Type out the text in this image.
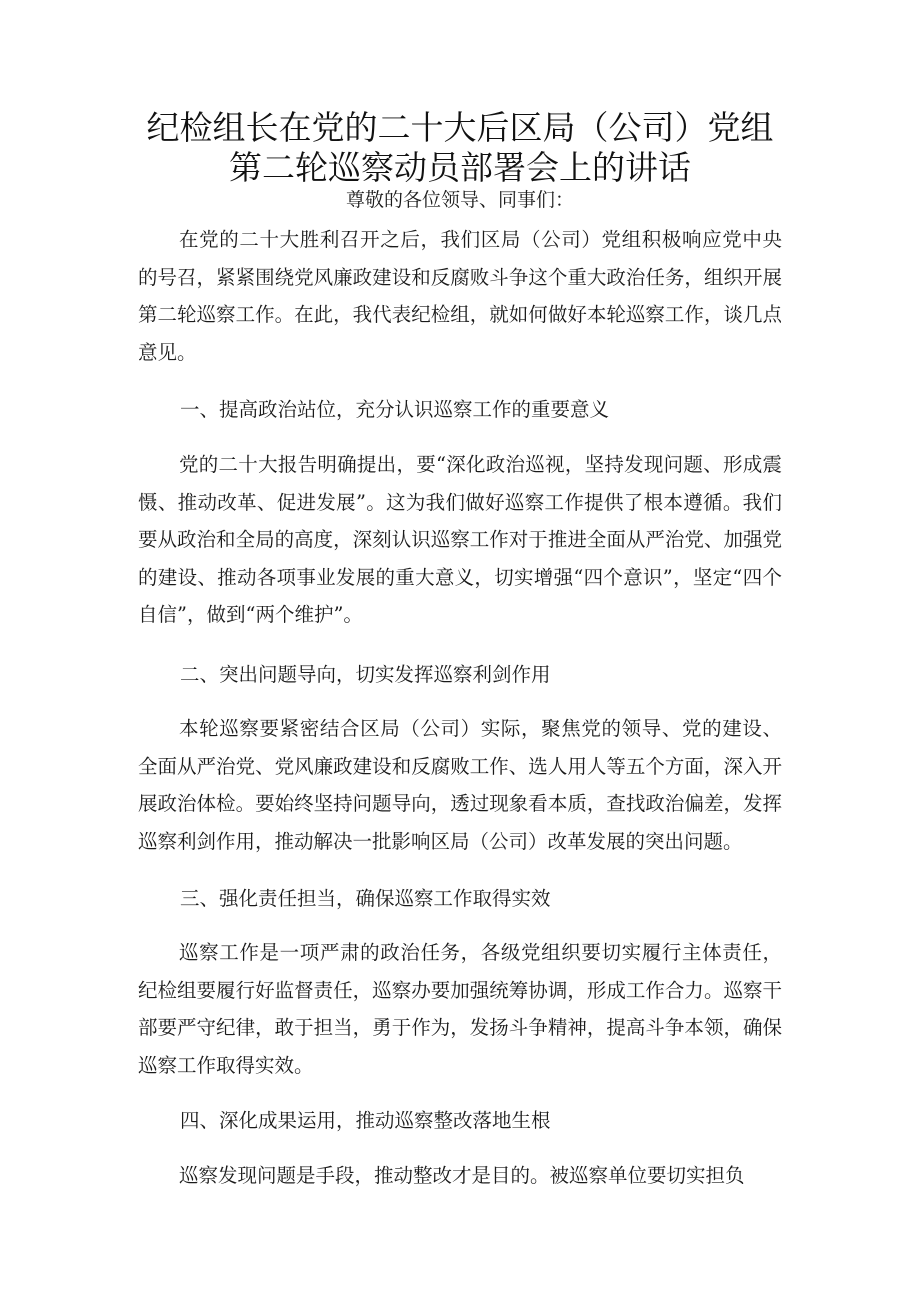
纪检组长在党的二十大后区局（公司）党组
第二轮巡察动员部署会上的讲话
尊敬的各位领导、同事们：

在党的二十大胜利召开之后，我们区局（公司）党组积极响应党中央的号召，紧紧围绕党风廉政建设和反腐败斗争这个重大政治任务，组织开展第二轮巡察工作。在此，我代表纪检组，就如何做好本轮巡察工作，谈几点意见。

一、提高政治站位，充分认识巡察工作的重要意义

党的二十大报告明确提出，要“深化政治巡视，坚持发现问题、形成震慑、推动改革、促进发展”。这为我们做好巡察工作提供了根本遵循。我们要从政治和全局的高度，深刻认识巡察工作对于推进全面从严治党、加强党的建设、推动各项事业发展的重大意义，切实增强“四个意识”，坚定“四个自信”，做到“两个维护”。

二、突出问题导向，切实发挥巡察利剑作用

本轮巡察要紧密结合区局（公司）实际，聚焦党的领导、党的建设、全面从严治党、党风廉政建设和反腐败工作、选人用人等五个方面，深入开展政治体检。要始终坚持问题导向，透过现象看本质，查找政治偏差，发挥巡察利剑作用，推动解决一批影响区局（公司）改革发展的突出问题。

三、强化责任担当，确保巡察工作取得实效

巡察工作是一项严肃的政治任务，各级党组织要切实履行主体责任，纪检组要履行好监督责任，巡察办要加强统筹协调，形成工作合力。巡察干部要严守纪律，敢于担当，勇于作为，发扬斗争精神，提高斗争本领，确保巡察工作取得实效。

四、深化成果运用，推动巡察整改落地生根

巡察发现问题是手段，推动整改才是目的。被巡察单位要切实担负
